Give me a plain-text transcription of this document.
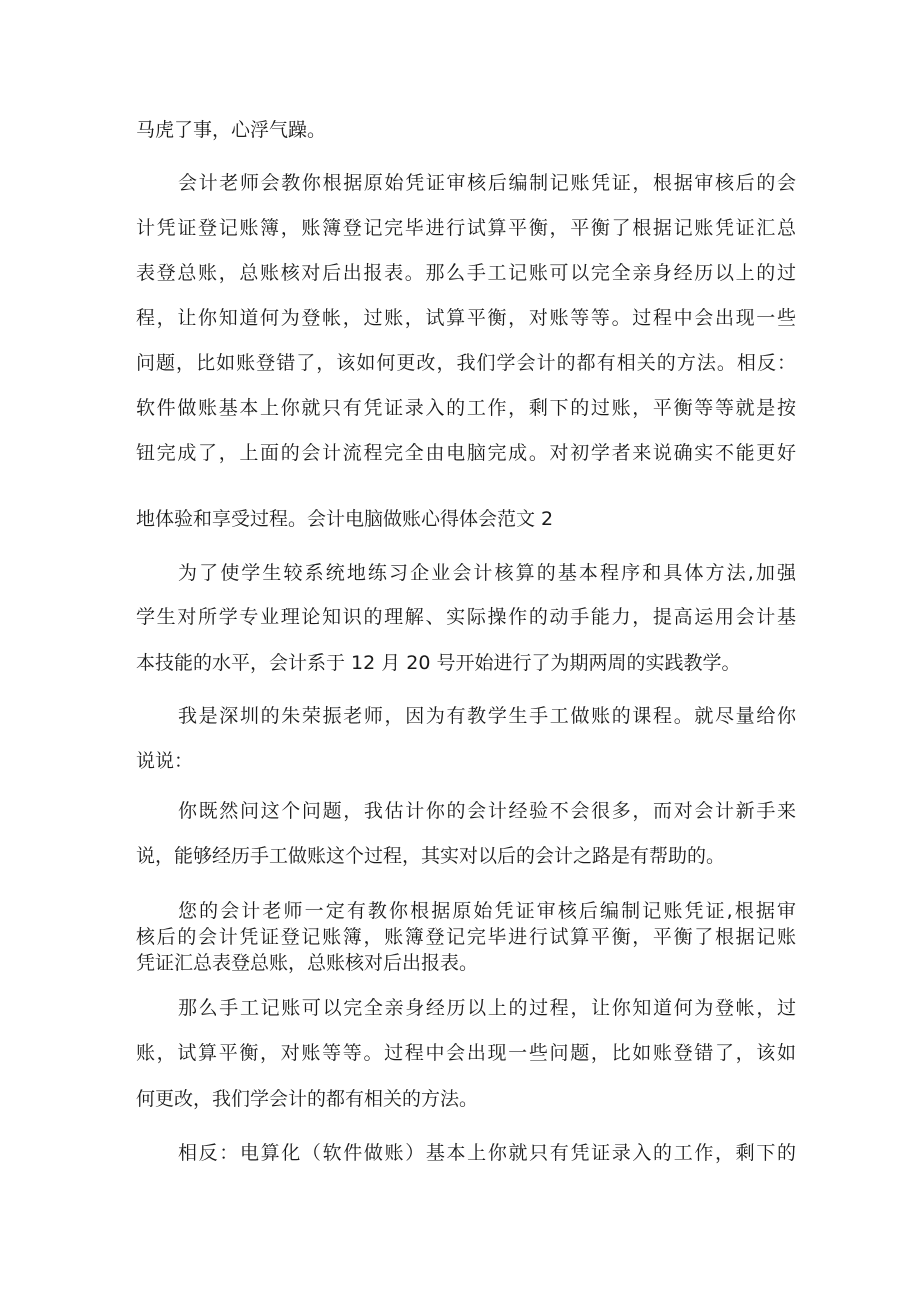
马虎了事，心浮气躁。
会计老师会教你根据原始凭证审核后编制记账凭证，根据审核后的会
计凭证登记账簿，账簿登记完毕进行试算平衡，平衡了根据记账凭证汇总
表登总账，总账核对后出报表。那么手工记账可以完全亲身经历以上的过
程，让你知道何为登帐，过账，试算平衡，对账等等。过程中会出现一些
问题，比如账登错了，该如何更改，我们学会计的都有相关的方法。相反：
软件做账基本上你就只有凭证录入的工作，剩下的过账，平衡等等就是按
钮完成了，上面的会计流程完全由电脑完成。对初学者来说确实不能更好
地体验和享受过程。会计电脑做账心得体会范文 2
为了使学生较系统地练习企业会计核算的基本程序和具体方法,加强
学生对所学专业理论知识的理解、实际操作的动手能力，提高运用会计基
本技能的水平，会计系于 12 月 20 号开始进行了为期两周的实践教学。
我是深圳的朱荣振老师，因为有教学生手工做账的课程。就尽量给你
说说：
你既然问这个问题，我估计你的会计经验不会很多，而对会计新手来
说，能够经历手工做账这个过程，其实对以后的会计之路是有帮助的。
您的会计老师一定有教你根据原始凭证审核后编制记账凭证,根据审
核后的会计凭证登记账簿，账簿登记完毕进行试算平衡，平衡了根据记账
凭证汇总表登总账，总账核对后出报表。
那么手工记账可以完全亲身经历以上的过程，让你知道何为登帐，过
账，试算平衡，对账等等。过程中会出现一些问题，比如账登错了，该如
何更改，我们学会计的都有相关的方法。
相反：电算化（软件做账）基本上你就只有凭证录入的工作，剩下的
